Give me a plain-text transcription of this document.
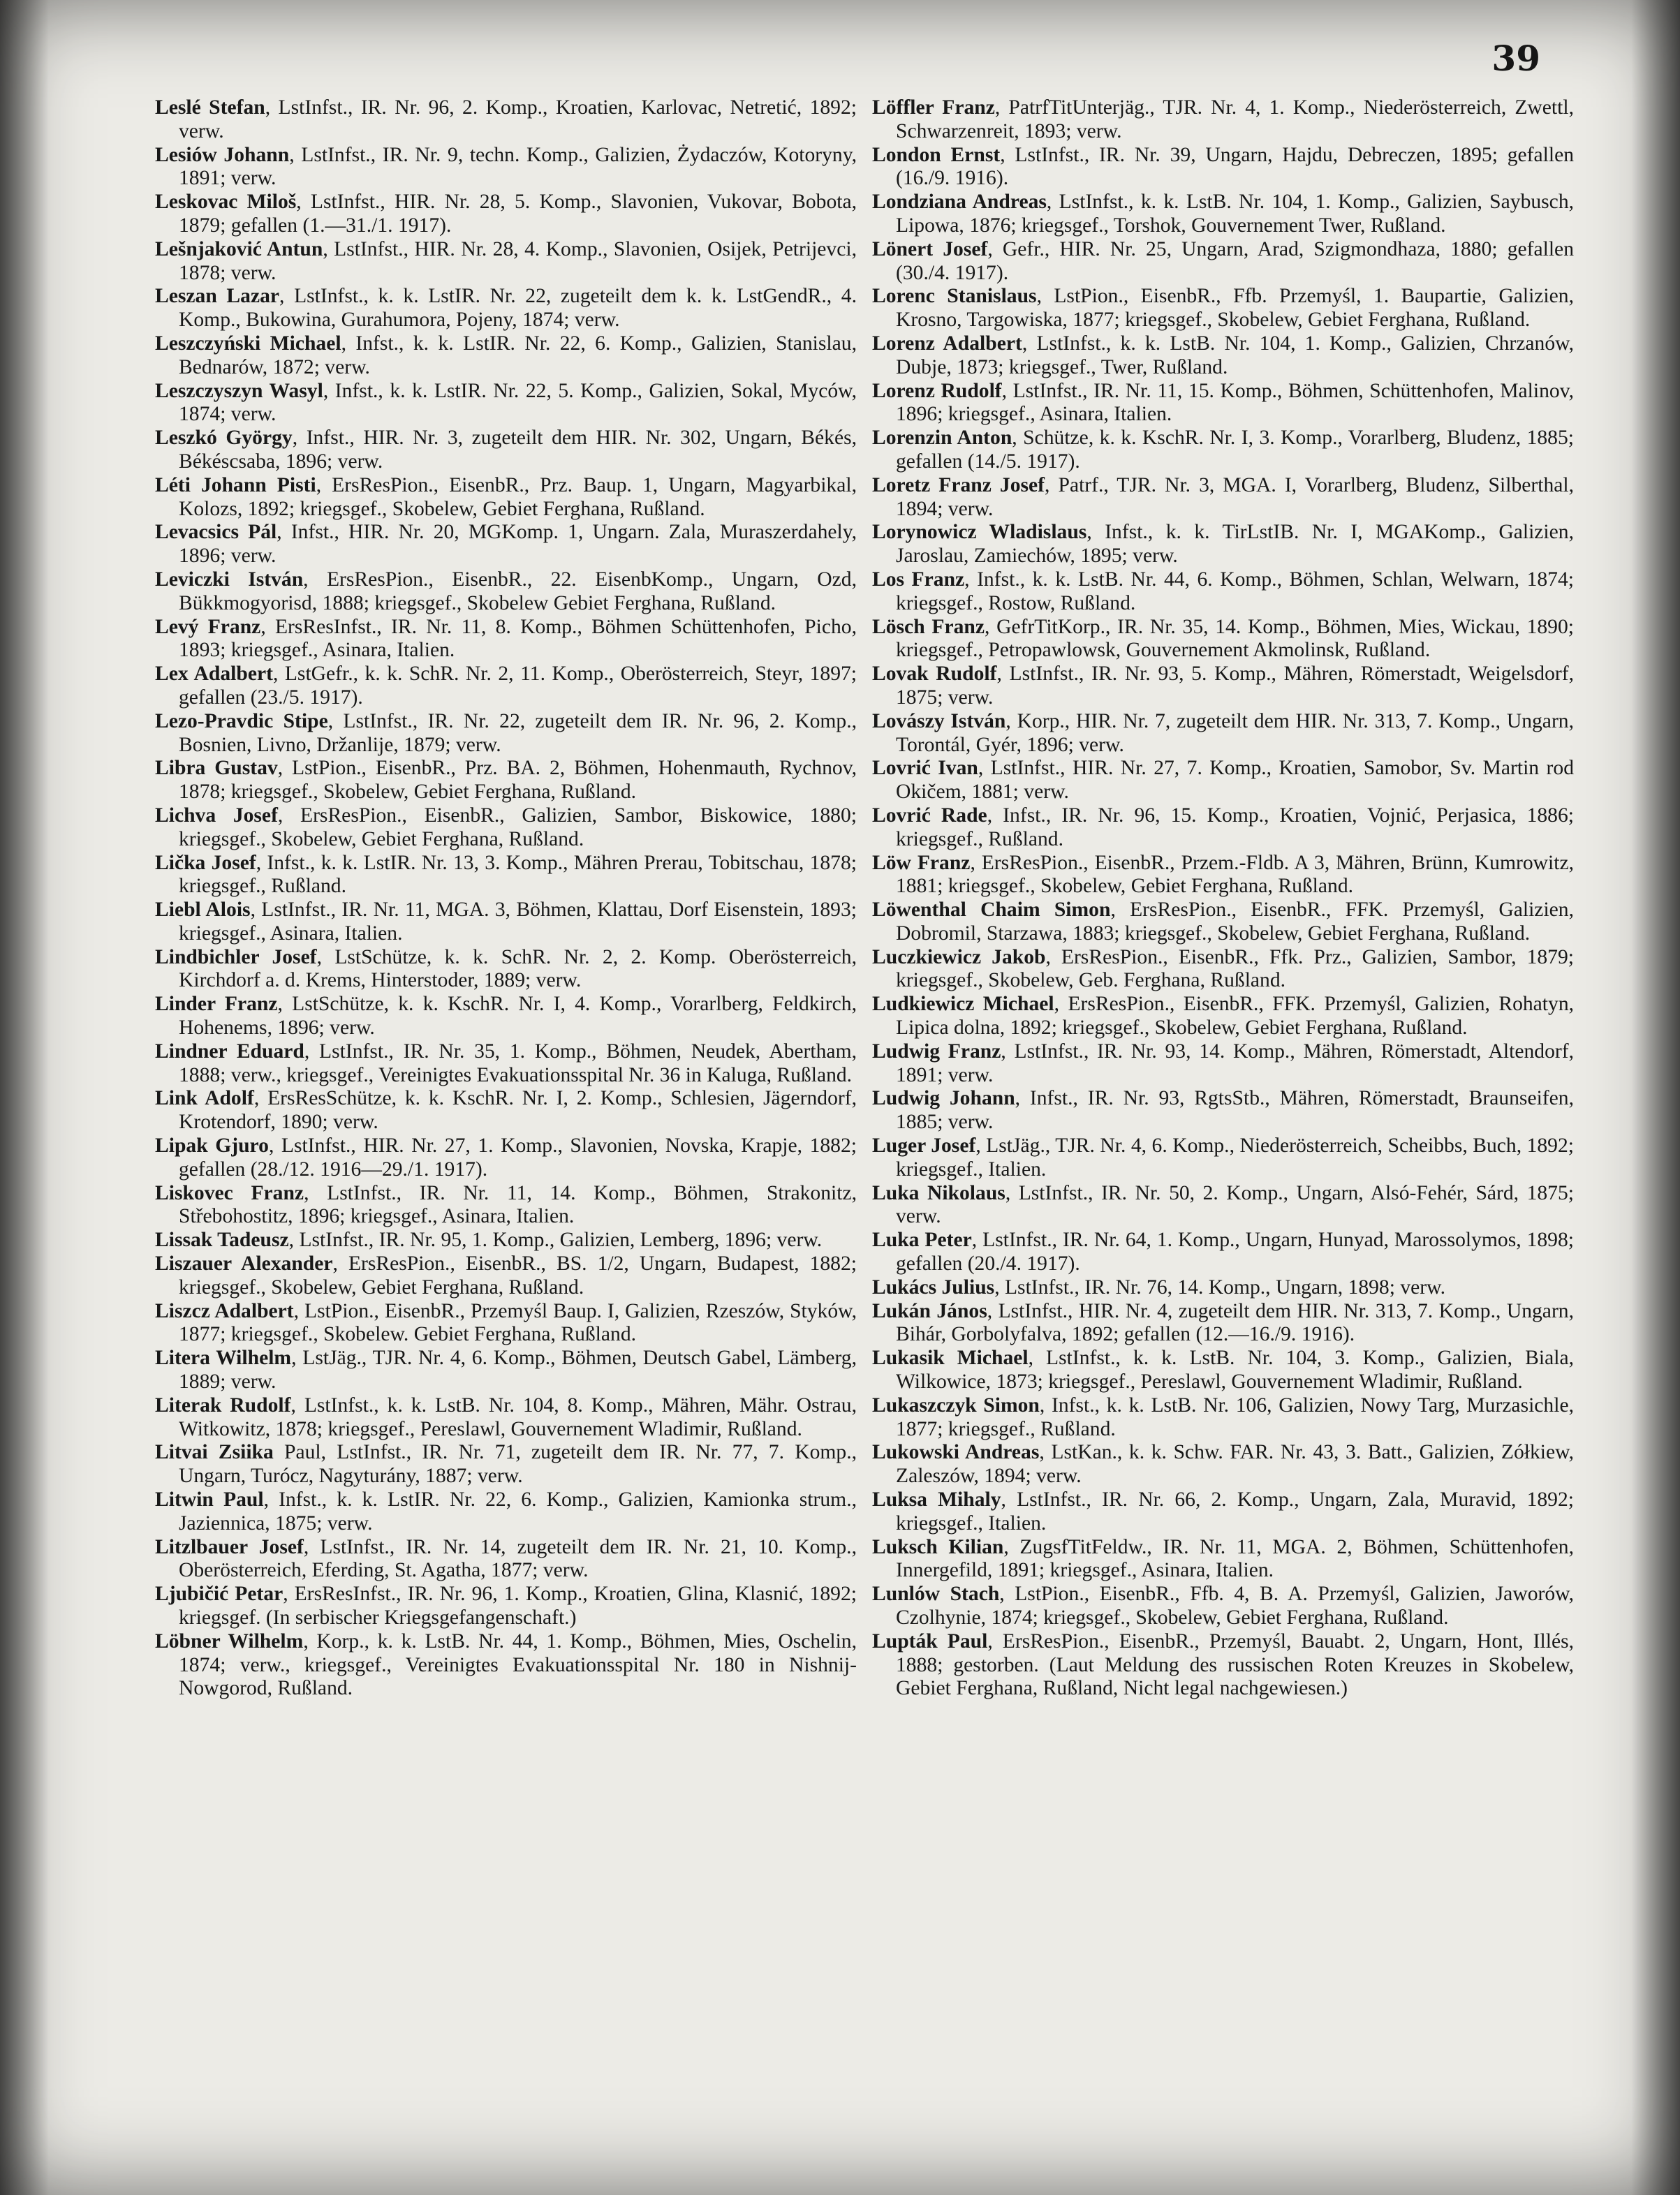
39

Leslé Stefan, LstInfst., IR. Nr. 96, 2. Komp., Kroatien, Karlovac, Netretić, 1892; verw.

Lesiów Johann, LstInfst., IR. Nr. 9, techn. Komp., Galizien, Żydaczów, Kotoryny, 1891; verw.

Leskovac Miloš, LstInfst., HIR. Nr. 28, 5. Komp., Slavonien, Vukovar, Bobota, 1879; gefallen (1.—31./1. 1917).

Lešnjaković Antun, LstInfst., HIR. Nr. 28, 4. Komp., Slavonien, Osijek, Petrijevci, 1878; verw.

Leszan Lazar, LstInfst., k. k. LstIR. Nr. 22, zugeteilt dem k. k. LstGendR., 4. Komp., Bukowina, Gurahumora, Pojeny, 1874; verw.

Leszczyński Michael, Infst., k. k. LstIR. Nr. 22, 6. Komp., Galizien, Stanislau, Bednarów, 1872; verw.

Leszczyszyn Wasyl, Infst., k. k. LstIR. Nr. 22, 5. Komp., Galizien, Sokal, Myców, 1874; verw.

Leszkó György, Infst., HIR. Nr. 3, zugeteilt dem HIR. Nr. 302, Ungarn, Békés, Békéscsaba, 1896; verw.

Léti Johann Pisti, ErsResPion., EisenbR., Prz. Baup. 1, Ungarn, Magyarbikal, Kolozs, 1892; kriegsgef., Skobelew, Gebiet Ferghana, Rußland.

Levacsics Pál, Infst., HIR. Nr. 20, MGKomp. 1, Ungarn. Zala, Muraszerdahely, 1896; verw.

Leviczki István, ErsResPion., EisenbR., 22. EisenbKomp., Ungarn, Ozd, Bükkmogyorisd, 1888; kriegsgef., Skobelew Gebiet Ferghana, Rußland.

Levý Franz, ErsResInfst., IR. Nr. 11, 8. Komp., Böhmen Schüttenhofen, Picho, 1893; kriegsgef., Asinara, Italien.

Lex Adalbert, LstGefr., k. k. SchR. Nr. 2, 11. Komp., Oberösterreich, Steyr, 1897; gefallen (23./5. 1917).

Lezo-Pravdic Stipe, LstInfst., IR. Nr. 22, zugeteilt dem IR. Nr. 96, 2. Komp., Bosnien, Livno, Držanlije, 1879; verw.

Libra Gustav, LstPion., EisenbR., Prz. BA. 2, Böhmen, Hohenmauth, Rychnov, 1878; kriegsgef., Skobelew, Gebiet Ferghana, Rußland.

Lichva Josef, ErsResPion., EisenbR., Galizien, Sambor, Biskowice, 1880; kriegsgef., Skobelew, Gebiet Ferghana, Rußland.

Lička Josef, Infst., k. k. LstIR. Nr. 13, 3. Komp., Mähren Prerau, Tobitschau, 1878; kriegsgef., Rußland.

Liebl Alois, LstInfst., IR. Nr. 11, MGA. 3, Böhmen, Klattau, Dorf Eisenstein, 1893; kriegsgef., Asinara, Italien.

Lindbichler Josef, LstSchütze, k. k. SchR. Nr. 2, 2. Komp. Oberösterreich, Kirchdorf a. d. Krems, Hinterstoder, 1889; verw.

Linder Franz, LstSchütze, k. k. KschR. Nr. I, 4. Komp., Vorarlberg, Feldkirch, Hohenems, 1896; verw.

Lindner Eduard, LstInfst., IR. Nr. 35, 1. Komp., Böhmen, Neudek, Abertham, 1888; verw., kriegsgef., Vereinigtes Evakuationsspital Nr. 36 in Kaluga, Rußland.

Link Adolf, ErsResSchütze, k. k. KschR. Nr. I, 2. Komp., Schlesien, Jägerndorf, Krotendorf, 1890; verw.

Lipak Gjuro, LstInfst., HIR. Nr. 27, 1. Komp., Slavonien, Novska, Krapje, 1882; gefallen (28./12. 1916—29./1. 1917).

Liskovec Franz, LstInfst., IR. Nr. 11, 14. Komp., Böhmen, Strakonitz, Střebohostitz, 1896; kriegsgef., Asinara, Italien.

Lissak Tadeusz, LstInfst., IR. Nr. 95, 1. Komp., Galizien, Lemberg, 1896; verw.

Liszauer Alexander, ErsResPion., EisenbR., BS. 1/2, Ungarn, Budapest, 1882; kriegsgef., Skobelew, Gebiet Ferghana, Rußland.

Liszcz Adalbert, LstPion., EisenbR., Przemyśl Baup. I, Galizien, Rzeszów, Styków, 1877; kriegsgef., Skobelew. Gebiet Ferghana, Rußland.

Litera Wilhelm, LstJäg., TJR. Nr. 4, 6. Komp., Böhmen, Deutsch Gabel, Lämberg, 1889; verw.

Literak Rudolf, LstInfst., k. k. LstB. Nr. 104, 8. Komp., Mähren, Mähr. Ostrau, Witkowitz, 1878; kriegsgef., Pereslawl, Gouvernement Wladimir, Rußland.

Litvai Zsiika Paul, LstInfst., IR. Nr. 71, zugeteilt dem IR. Nr. 77, 7. Komp., Ungarn, Turócz, Nagyturány, 1887; verw.

Litwin Paul, Infst., k. k. LstIR. Nr. 22, 6. Komp., Galizien, Kamionka strum., Jaziennica, 1875; verw.

Litzlbauer Josef, LstInfst., IR. Nr. 14, zugeteilt dem IR. Nr. 21, 10. Komp., Oberösterreich, Eferding, St. Agatha, 1877; verw.

Ljubičić Petar, ErsResInfst., IR. Nr. 96, 1. Komp., Kroatien, Glina, Klasnić, 1892; kriegsgef. (In serbischer Kriegsgefangenschaft.)

Löbner Wilhelm, Korp., k. k. LstB. Nr. 44, 1. Komp., Böhmen, Mies, Oschelin, 1874; verw., kriegsgef., Vereinigtes Evakuationsspital Nr. 180 in Nishnij-Nowgorod, Rußland.

Löffler Franz, PatrfTitUnterjäg., TJR. Nr. 4, 1. Komp., Niederösterreich, Zwettl, Schwarzenreit, 1893; verw.

London Ernst, LstInfst., IR. Nr. 39, Ungarn, Hajdu, Debreczen, 1895; gefallen (16./9. 1916).

Londziana Andreas, LstInfst., k. k. LstB. Nr. 104, 1. Komp., Galizien, Saybusch, Lipowa, 1876; kriegsgef., Torshok, Gouvernement Twer, Rußland.

Lönert Josef, Gefr., HIR. Nr. 25, Ungarn, Arad, Szigmondhaza, 1880; gefallen (30./4. 1917).

Lorenc Stanislaus, LstPion., EisenbR., Ffb. Przemyśl, 1. Baupartie, Galizien, Krosno, Targowiska, 1877; kriegsgef., Skobelew, Gebiet Ferghana, Rußland.

Lorenz Adalbert, LstInfst., k. k. LstB. Nr. 104, 1. Komp., Galizien, Chrzanów, Dubje, 1873; kriegsgef., Twer, Rußland.

Lorenz Rudolf, LstInfst., IR. Nr. 11, 15. Komp., Böhmen, Schüttenhofen, Malinov, 1896; kriegsgef., Asinara, Italien.

Lorenzin Anton, Schütze, k. k. KschR. Nr. I, 3. Komp., Vorarlberg, Bludenz, 1885; gefallen (14./5. 1917).

Loretz Franz Josef, Patrf., TJR. Nr. 3, MGA. I, Vorarlberg, Bludenz, Silberthal, 1894; verw.

Lorynowicz Wladislaus, Infst., k. k. TirLstIB. Nr. I, MGAKomp., Galizien, Jaroslau, Zamiechów, 1895; verw.

Los Franz, Infst., k. k. LstB. Nr. 44, 6. Komp., Böhmen, Schlan, Welwarn, 1874; kriegsgef., Rostow, Rußland.

Lösch Franz, GefrTitKorp., IR. Nr. 35, 14. Komp., Böhmen, Mies, Wickau, 1890; kriegsgef., Petropawlowsk, Gouvernement Akmolinsk, Rußland.

Lovak Rudolf, LstInfst., IR. Nr. 93, 5. Komp., Mähren, Römerstadt, Weigelsdorf, 1875; verw.

Lovászy István, Korp., HIR. Nr. 7, zugeteilt dem HIR. Nr. 313, 7. Komp., Ungarn, Torontál, Gyér, 1896; verw.

Lovrić Ivan, LstInfst., HIR. Nr. 27, 7. Komp., Kroatien, Samobor, Sv. Martin rod Okičem, 1881; verw.

Lovrić Rade, Infst., IR. Nr. 96, 15. Komp., Kroatien, Vojnić, Perjasica, 1886; kriegsgef., Rußland.

Löw Franz, ErsResPion., EisenbR., Przem.-Fldb. A 3, Mähren, Brünn, Kumrowitz, 1881; kriegsgef., Skobelew, Gebiet Ferghana, Rußland.

Löwenthal Chaim Simon, ErsResPion., EisenbR., FFK. Przemyśl, Galizien, Dobromil, Starzawa, 1883; kriegsgef., Skobelew, Gebiet Ferghana, Rußland.

Luczkiewicz Jakob, ErsResPion., EisenbR., Ffk. Prz., Galizien, Sambor, 1879; kriegsgef., Skobelew, Geb. Ferghana, Rußland.

Ludkiewicz Michael, ErsResPion., EisenbR., FFK. Przemyśl, Galizien, Rohatyn, Lipica dolna, 1892; kriegsgef., Skobelew, Gebiet Ferghana, Rußland.

Ludwig Franz, LstInfst., IR. Nr. 93, 14. Komp., Mähren, Römerstadt, Altendorf, 1891; verw.

Ludwig Johann, Infst., IR. Nr. 93, RgtsStb., Mähren, Römerstadt, Braunseifen, 1885; verw.

Luger Josef, LstJäg., TJR. Nr. 4, 6. Komp., Niederösterreich, Scheibbs, Buch, 1892; kriegsgef., Italien.

Luka Nikolaus, LstInfst., IR. Nr. 50, 2. Komp., Ungarn, Alsó-Fehér, Sárd, 1875; verw.

Luka Peter, LstInfst., IR. Nr. 64, 1. Komp., Ungarn, Hunyad, Marossolymos, 1898; gefallen (20./4. 1917).

Lukács Julius, LstInfst., IR. Nr. 76, 14. Komp., Ungarn, 1898; verw.

Lukán János, LstInfst., HIR. Nr. 4, zugeteilt dem HIR. Nr. 313, 7. Komp., Ungarn, Bihár, Gorbolyfalva, 1892; gefallen (12.—16./9. 1916).

Lukasik Michael, LstInfst., k. k. LstB. Nr. 104, 3. Komp., Galizien, Biala, Wilkowice, 1873; kriegsgef., Pereslawl, Gouvernement Wladimir, Rußland.

Lukaszczyk Simon, Infst., k. k. LstB. Nr. 106, Galizien, Nowy Targ, Murzasichle, 1877; kriegsgef., Rußland.

Lukowski Andreas, LstKan., k. k. Schw. FAR. Nr. 43, 3. Batt., Galizien, Zółkiew, Zaleszów, 1894; verw.

Luksa Mihaly, LstInfst., IR. Nr. 66, 2. Komp., Ungarn, Zala, Muravid, 1892; kriegsgef., Italien.

Luksch Kilian, ZugsfTitFeldw., IR. Nr. 11, MGA. 2, Böhmen, Schüttenhofen, Innergefild, 1891; kriegsgef., Asinara, Italien.

Lunlów Stach, LstPion., EisenbR., Ffb. 4, B. A. Przemyśl, Galizien, Jaworów, Czolhynie, 1874; kriegsgef., Skobelew, Gebiet Ferghana, Rußland.

Lupták Paul, ErsResPion., EisenbR., Przemyśl, Bauabt. 2, Ungarn, Hont, Illés, 1888; gestorben. (Laut Meldung des russischen Roten Kreuzes in Skobelew, Gebiet Ferghana, Rußland, Nicht legal nachgewiesen.)
